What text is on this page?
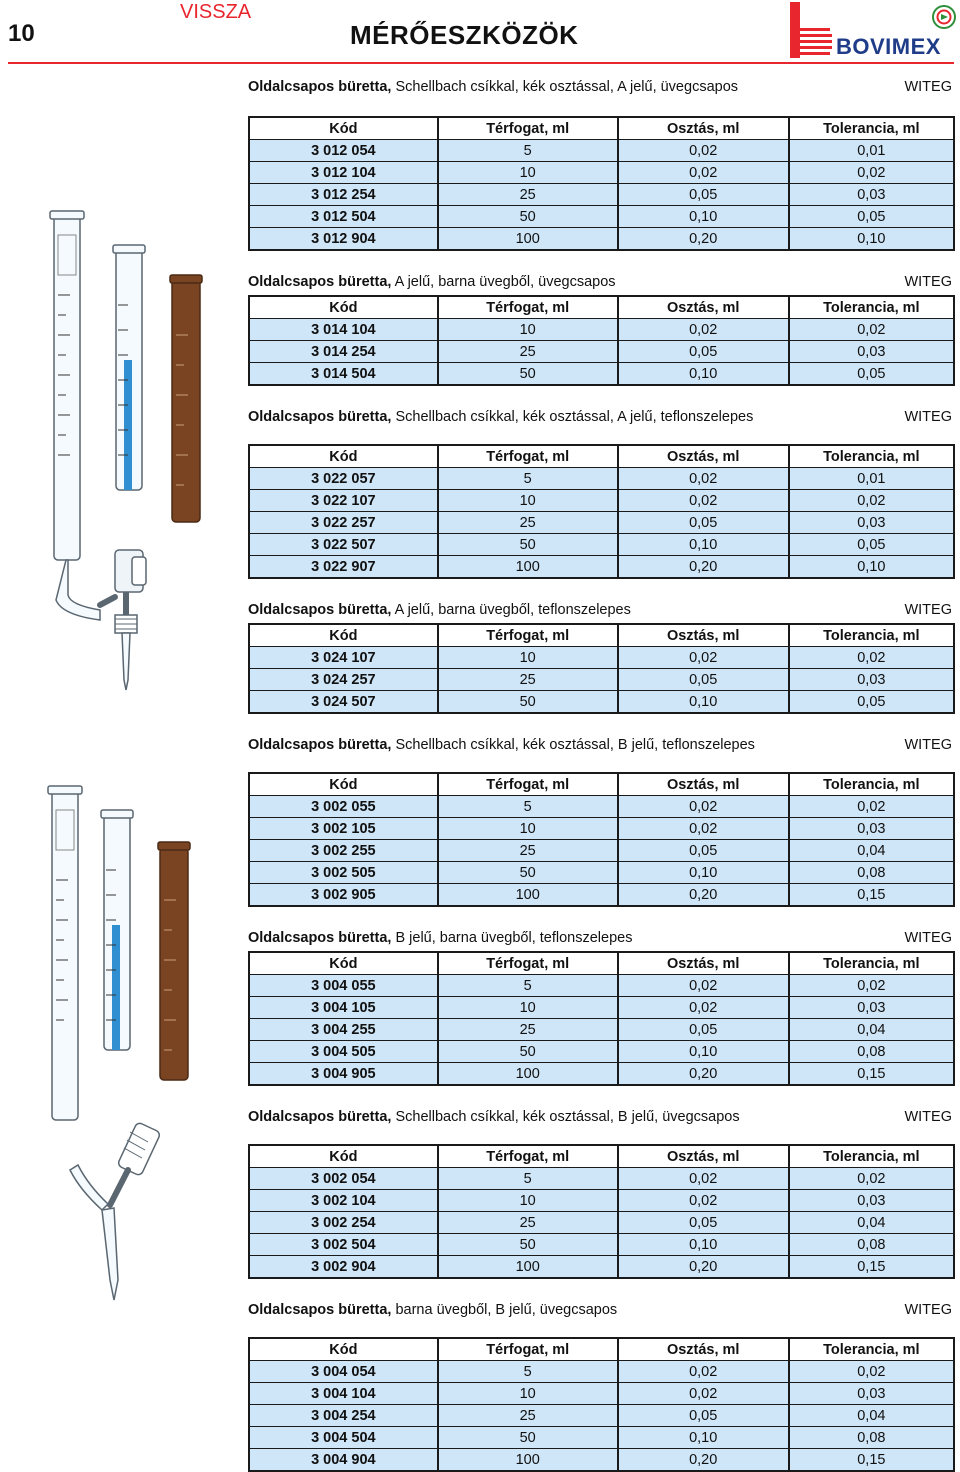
10
VISSZA
MÉRŐESZKÖZÖK	BOVIMEX
Oldalcsapos büretta, Schellbach csíkkal, kék osztással, A jelű, üvegcsapos	WITEG
Kód	Térfogat, ml	Osztás, ml	Tolerancia, ml
3 012 054	5	0,02	0,01
3 012 104	10	0,02	0,02
3 012 254	25	0,05	0,03
3 012 504	50	0,10	0,05
3 012 904	100	0,20	0,10
Oldalcsapos büretta, A jelű, barna üvegből, üvegcsapos	WITEG
Kód	Térfogat, ml	Osztás, ml	Tolerancia, ml
3 014 104	10	0,02	0,02
3 014 254	25	0,05	0,03
3 014 504	50	0,10	0,05
Oldalcsapos büretta, Schellbach csíkkal, kék osztással, A jelű, teflonszelepes	WITEG
Kód	Térfogat, ml	Osztás, ml	Tolerancia, ml
3 022 057	5	0,02	0,01
3 022 107	10	0,02	0,02
3 022 257	25	0,05	0,03
3 022 507	50	0,10	0,05
3 022 907	100	0,20	0,10
Oldalcsapos büretta, A jelű, barna üvegből, teflonszelepes	WITEG
Kód	Térfogat, ml	Osztás, ml	Tolerancia, ml
3 024 107	10	0,02	0,02
3 024 257	25	0,05	0,03
3 024 507	50	0,10	0,05
Oldalcsapos büretta, Schellbach csíkkal, kék osztással, B jelű, teflonszelepes	WITEG
Kód	Térfogat, ml	Osztás, ml	Tolerancia, ml
3 002 055	5	0,02	0,02
3 002 105	10	0,02	0,03
3 002 255	25	0,05	0,04
3 002 505	50	0,10	0,08
3 002 905	100	0,20	0,15
Oldalcsapos büretta, B jelű, barna üvegből, teflonszelepes	WITEG
Kód	Térfogat, ml	Osztás, ml	Tolerancia, ml
3 004 055	5	0,02	0,02
3 004 105	10	0,02	0,03
3 004 255	25	0,05	0,04
3 004 505	50	0,10	0,08
3 004 905	100	0,20	0,15
Oldalcsapos büretta, Schellbach csíkkal, kék osztással, B jelű, üvegcsapos	WITEG
Kód	Térfogat, ml	Osztás, ml	Tolerancia, ml
3 002 054	5	0,02	0,02
3 002 104	10	0,02	0,03
3 002 254	25	0,05	0,04
3 002 504	50	0,10	0,08
3 002 904	100	0,20	0,15
Oldalcsapos büretta, barna üvegből, B jelű, üvegcsapos	WITEG
Kód	Térfogat, ml	Osztás, ml	Tolerancia, ml
3 004 054	5	0,02	0,02
3 004 104	10	0,02	0,03
3 004 254	25	0,05	0,04
3 004 504	50	0,10	0,08
3 004 904	100	0,20	0,15
